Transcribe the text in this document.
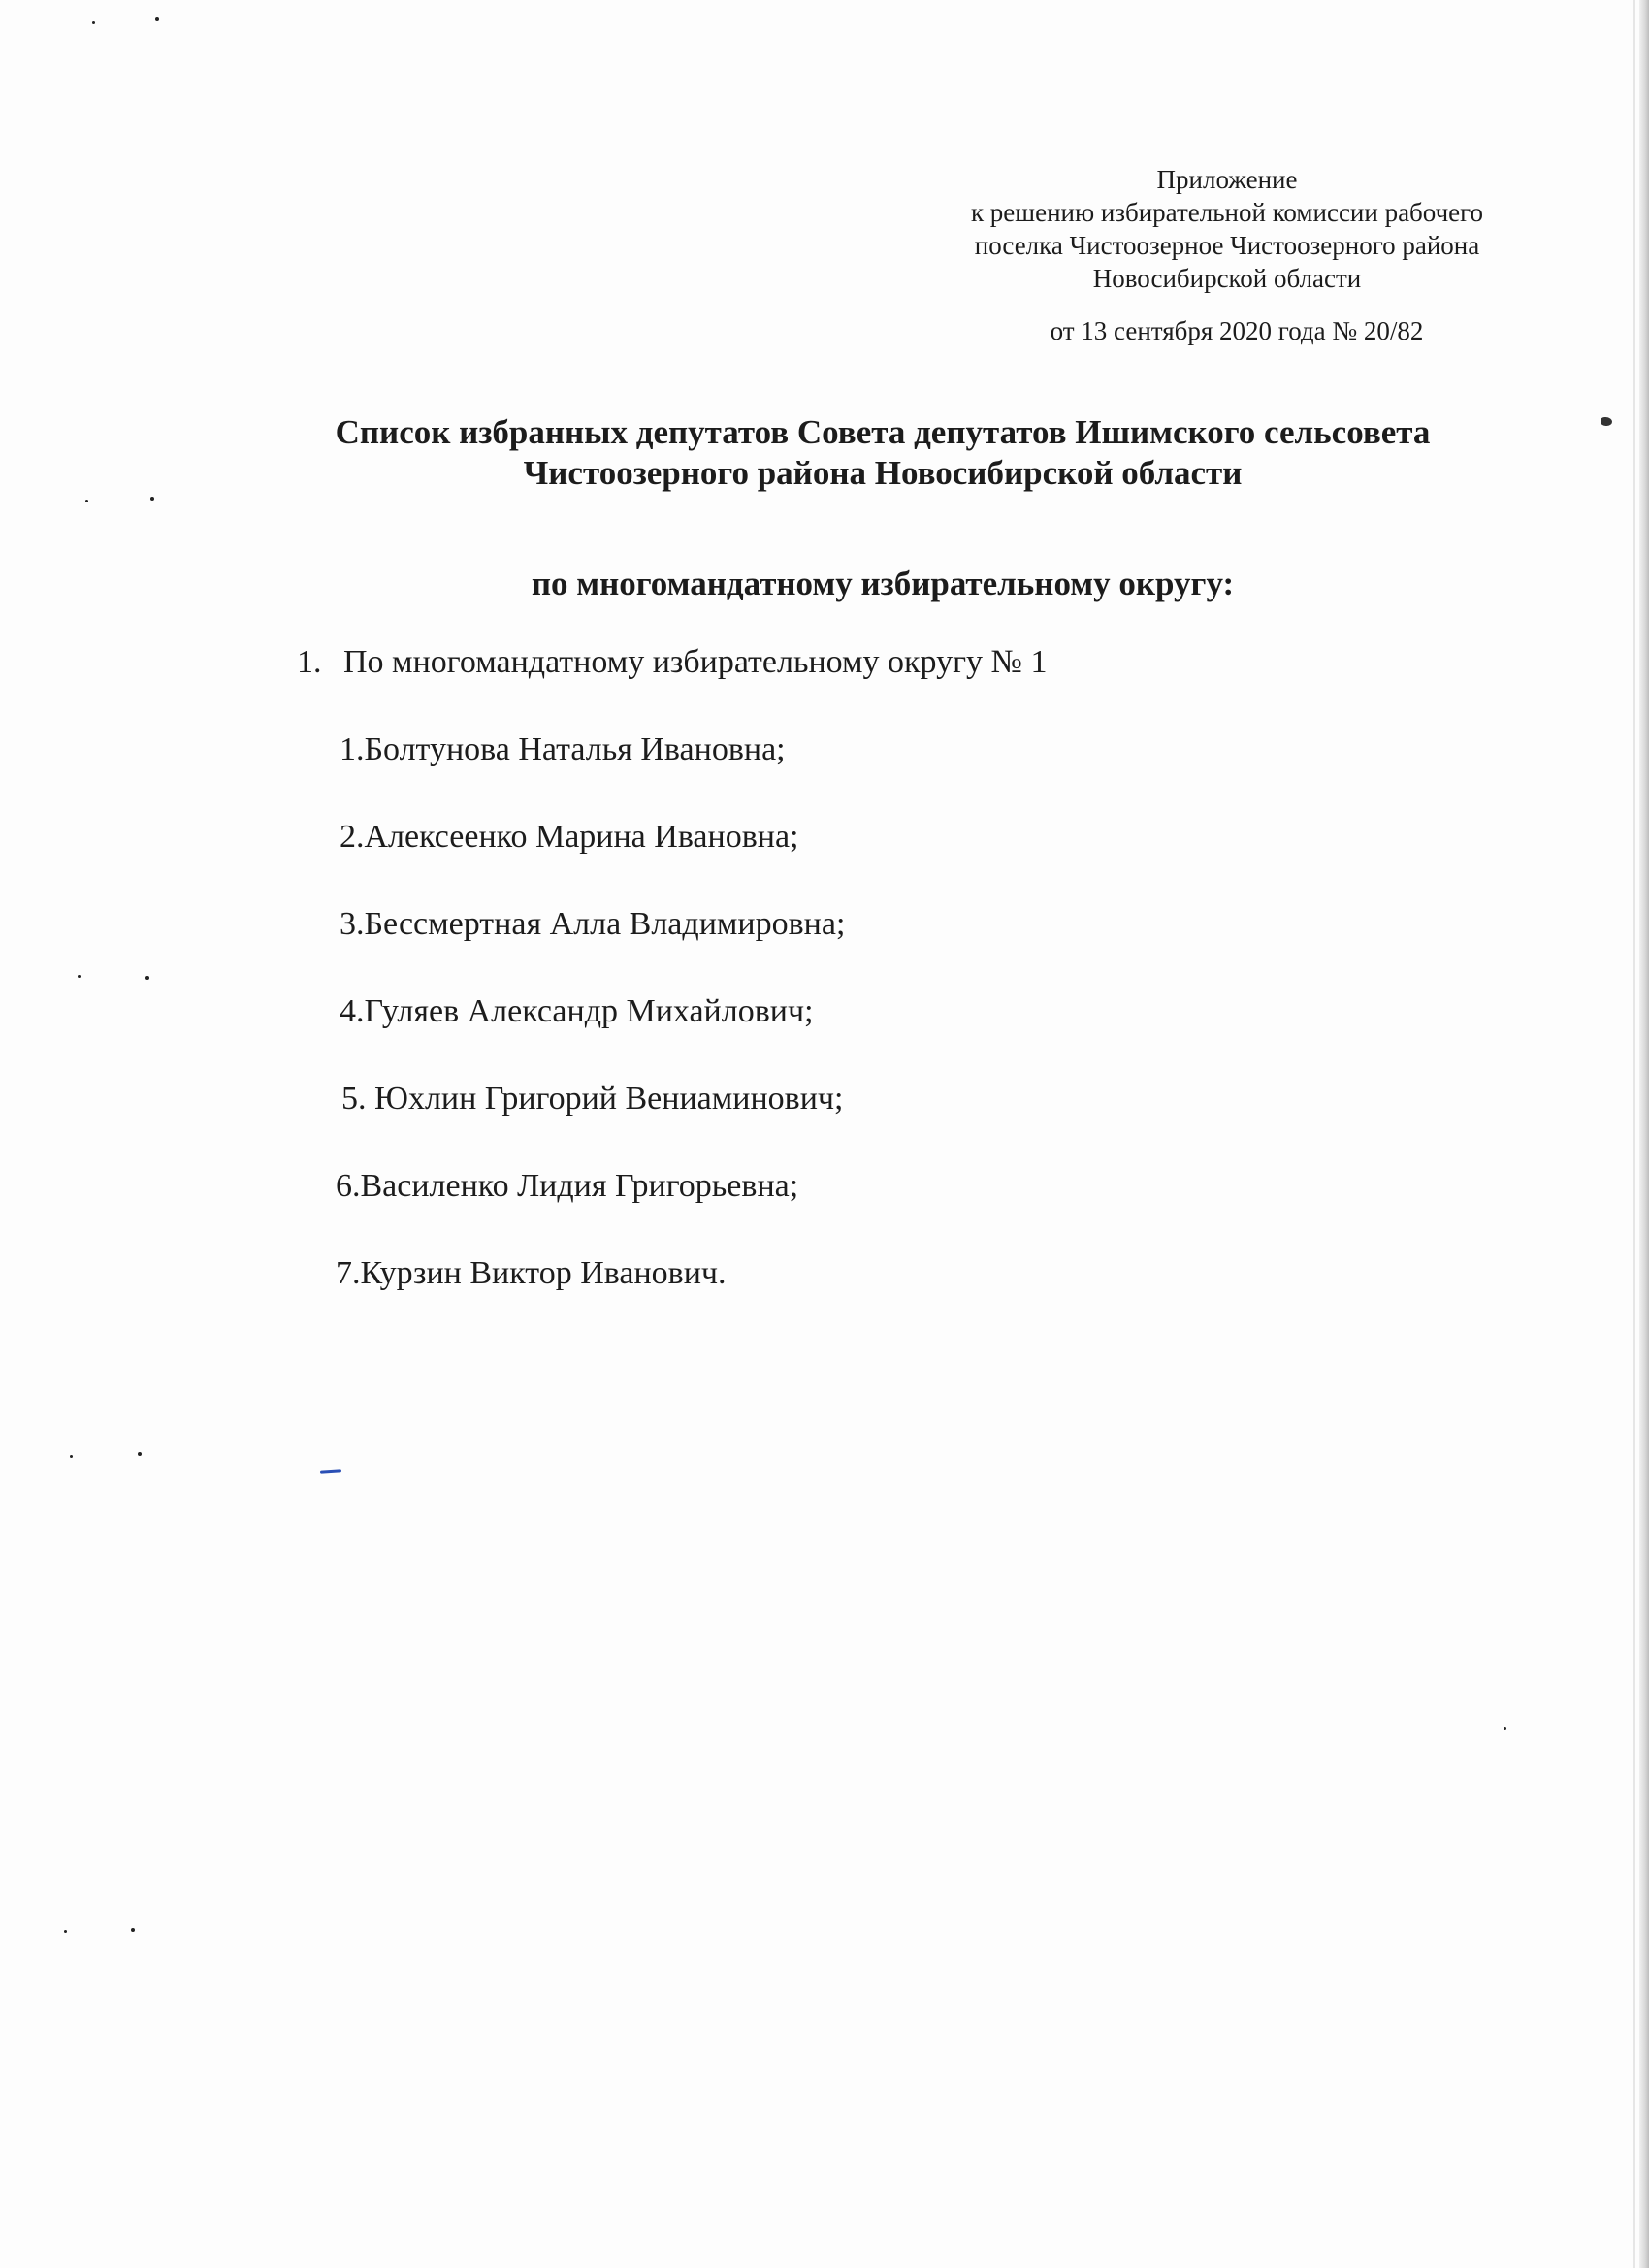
Приложение
к решению избирательной комиссии рабочего
поселка Чистоозерное Чистоозерного района
Новосибирской области
от 13 сентября 2020 года № 20/82
Список избранных депутатов Совета депутатов Ишимского сельсовета
Чистоозерного района Новосибирской области
по многомандатному избирательному округу:
1. По многомандатному избирательному округу № 1
1.Болтунова Наталья Ивановна;
2.Алексеенко Марина Ивановна;
3.Бессмертная Алла Владимировна;
4.Гуляев Александр Михайлович;
5. Юхлин Григорий Вениаминович;
6.Василенко Лидия Григорьевна;
7.Курзин Виктор Иванович.
